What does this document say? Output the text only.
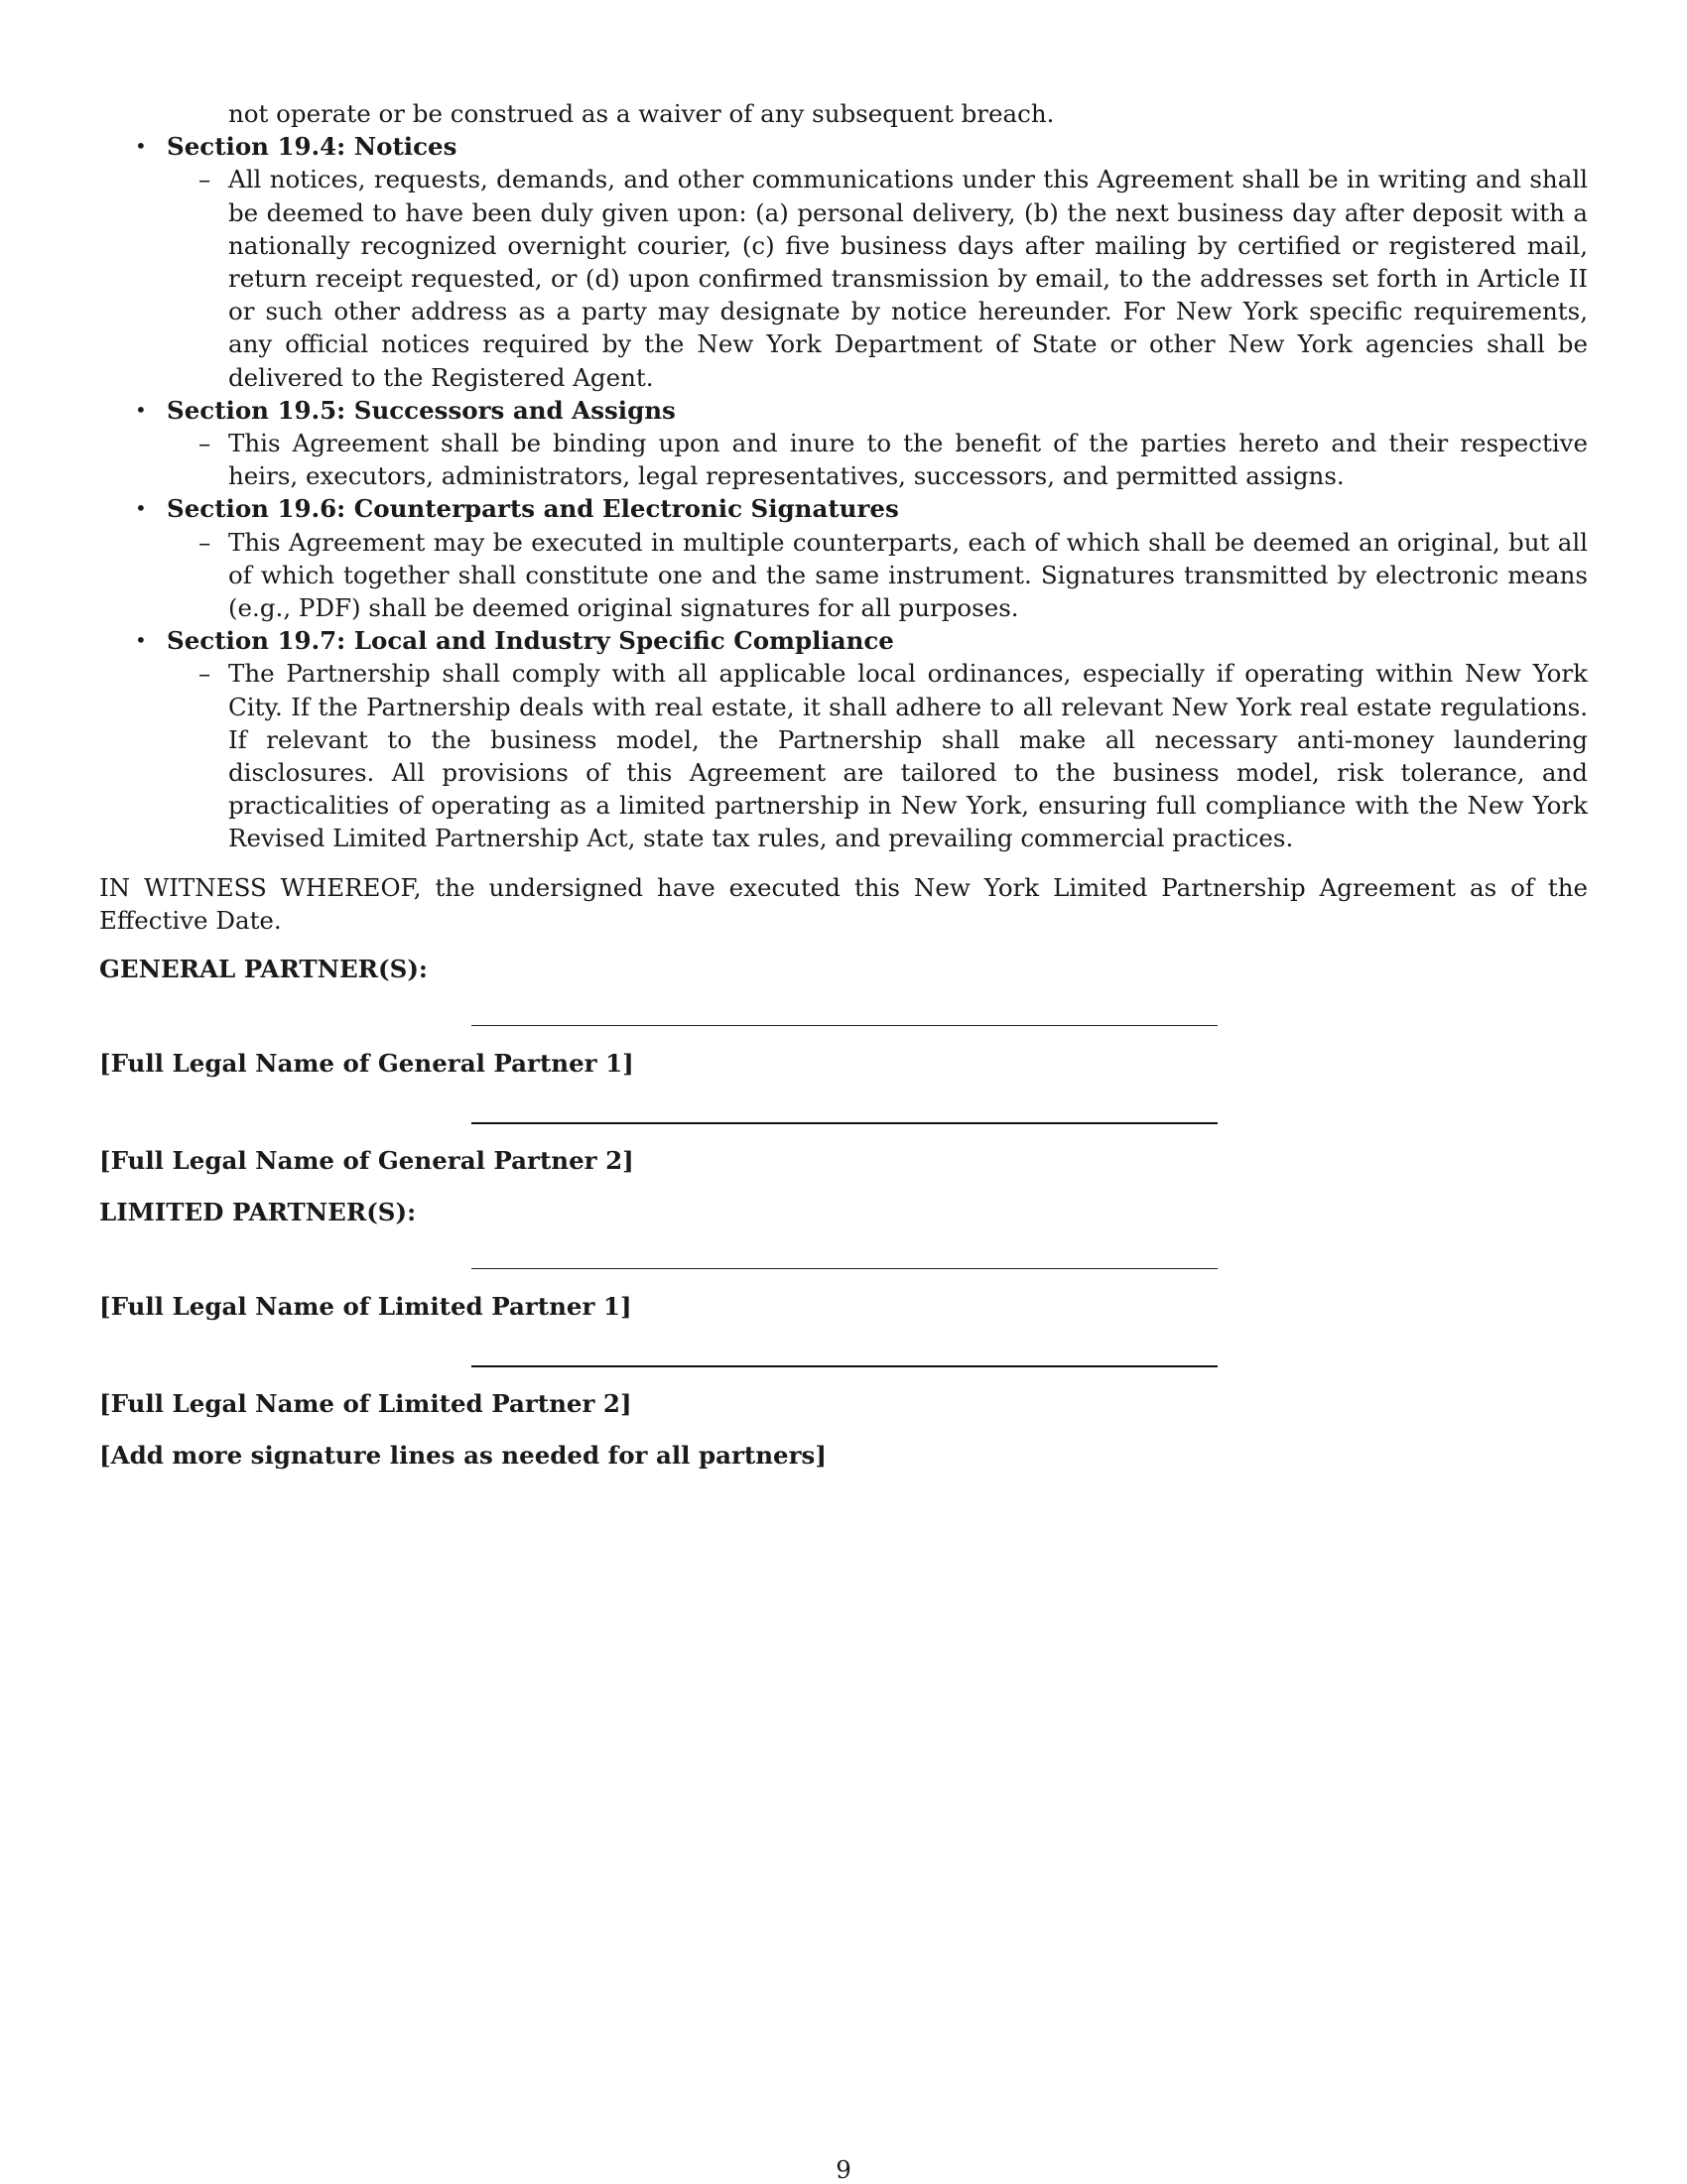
not operate or be construed as a waiver of any subsequent breach.
• Section 19.4: Notices
– All notices, requests, demands, and other communications under this Agreement shall be in writing and shall be deemed to have been duly given upon: (a) personal delivery, (b) the next business day after deposit with a nationally recognized overnight courier, (c) five business days after mailing by certified or registered mail, return receipt requested, or (d) upon confirmed transmission by email, to the addresses set forth in Article II or such other address as a party may designate by notice hereunder. For New York specific requirements, any official notices required by the New York Department of State or other New York agencies shall be delivered to the Registered Agent.
• Section 19.5: Successors and Assigns
– This Agreement shall be binding upon and inure to the benefit of the parties hereto and their respective heirs, executors, administrators, legal representatives, successors, and permitted assigns.
• Section 19.6: Counterparts and Electronic Signatures
– This Agreement may be executed in multiple counterparts, each of which shall be deemed an original, but all of which together shall constitute one and the same instrument. Signatures transmitted by electronic means (e.g., PDF) shall be deemed original signatures for all purposes.
• Section 19.7: Local and Industry Specific Compliance
– The Partnership shall comply with all applicable local ordinances, especially if operating within New York City. If the Partnership deals with real estate, it shall adhere to all relevant New York real estate regulations. If relevant to the business model, the Partnership shall make all necessary anti-money laundering disclosures. All provisions of this Agreement are tailored to the business model, risk tolerance, and practicalities of operating as a limited partnership in New York, ensuring full compliance with the New York Revised Limited Partnership Act, state tax rules, and prevailing commercial practices.
IN WITNESS WHEREOF, the undersigned have executed this New York Limited Partnership Agreement as of the Effective Date.
GENERAL PARTNER(S):
[Full Legal Name of General Partner 1]
[Full Legal Name of General Partner 2]
LIMITED PARTNER(S):
[Full Legal Name of Limited Partner 1]
[Full Legal Name of Limited Partner 2]
[Add more signature lines as needed for all partners]
9
